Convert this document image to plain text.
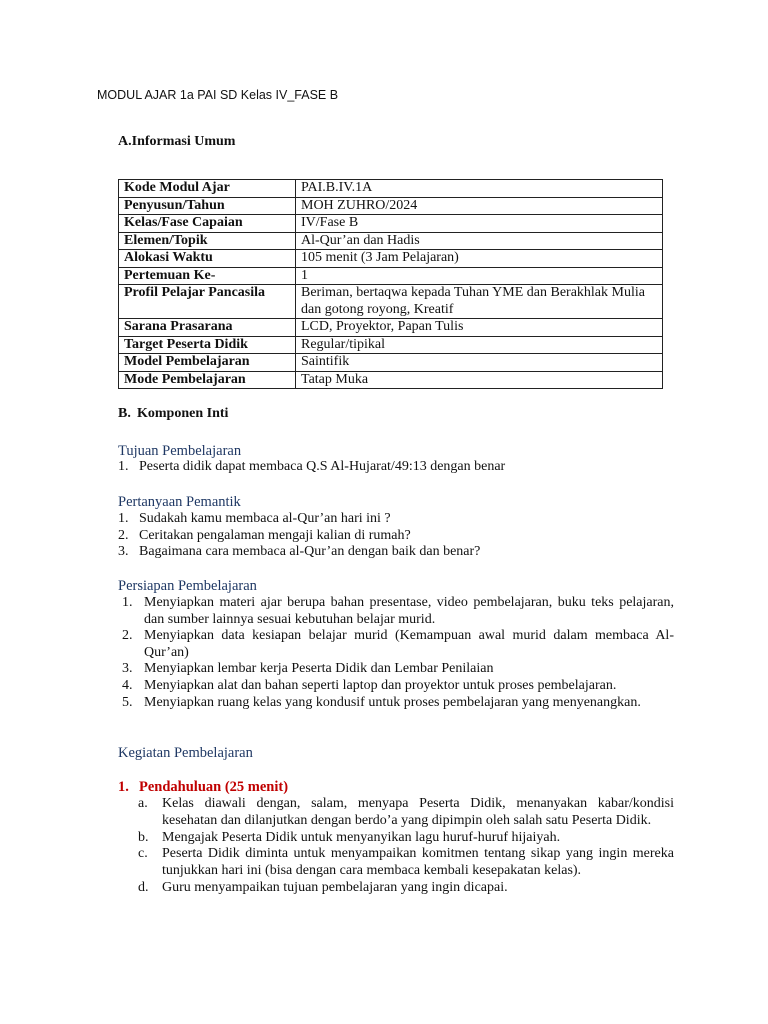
MODUL AJAR 1a PAI SD Kelas IV_FASE B
A.Informasi Umum
Kode Modul Ajar	PAI.B.IV.1A
Penyusun/Tahun	MOH ZUHRO/2024
Kelas/Fase Capaian	IV/Fase B
Elemen/Topik	Al-Qur’an dan Hadis
Alokasi Waktu	105 menit (3 Jam Pelajaran)
Pertemuan Ke-	1
Profil Pelajar Pancasila	Beriman, bertaqwa kepada Tuhan YME dan Berakhlak Mulia dan gotong royong, Kreatif
Sarana Prasarana	LCD, Proyektor, Papan Tulis
Target Peserta Didik	Regular/tipikal
Model Pembelajaran	Saintifik
Mode Pembelajaran	Tatap Muka
B. Komponen Inti
Tujuan Pembelajaran
1. Peserta didik dapat membaca Q.S Al-Hujarat/49:13 dengan benar
Pertanyaan Pemantik
1. Sudakah kamu membaca al-Qur’an hari ini ?
2. Ceritakan pengalaman mengaji kalian di rumah?
3. Bagaimana cara membaca al-Qur’an dengan baik dan benar?
Persiapan Pembelajaran
1. Menyiapkan materi ajar berupa bahan presentase, video pembelajaran, buku teks pelajaran, dan sumber lainnya sesuai kebutuhan belajar murid.
2. Menyiapkan data kesiapan belajar murid (Kemampuan awal murid dalam membaca Al-Qur’an)
3. Menyiapkan lembar kerja Peserta Didik dan Lembar Penilaian
4. Menyiapkan alat dan bahan seperti laptop dan proyektor untuk proses pembelajaran.
5. Menyiapkan ruang kelas yang kondusif untuk proses pembelajaran yang menyenangkan.
Kegiatan Pembelajaran
1. Pendahuluan (25 menit)
a. Kelas diawali dengan, salam, menyapa Peserta Didik, menanyakan kabar/kondisi kesehatan dan dilanjutkan dengan berdo’a yang dipimpin oleh salah satu Peserta Didik.
b. Mengajak Peserta Didik untuk menyanyikan lagu huruf-huruf hijaiyah.
c. Peserta Didik diminta untuk menyampaikan komitmen tentang sikap yang ingin mereka tunjukkan hari ini (bisa dengan cara membaca kembali kesepakatan kelas).
d. Guru menyampaikan tujuan pembelajaran yang ingin dicapai.
